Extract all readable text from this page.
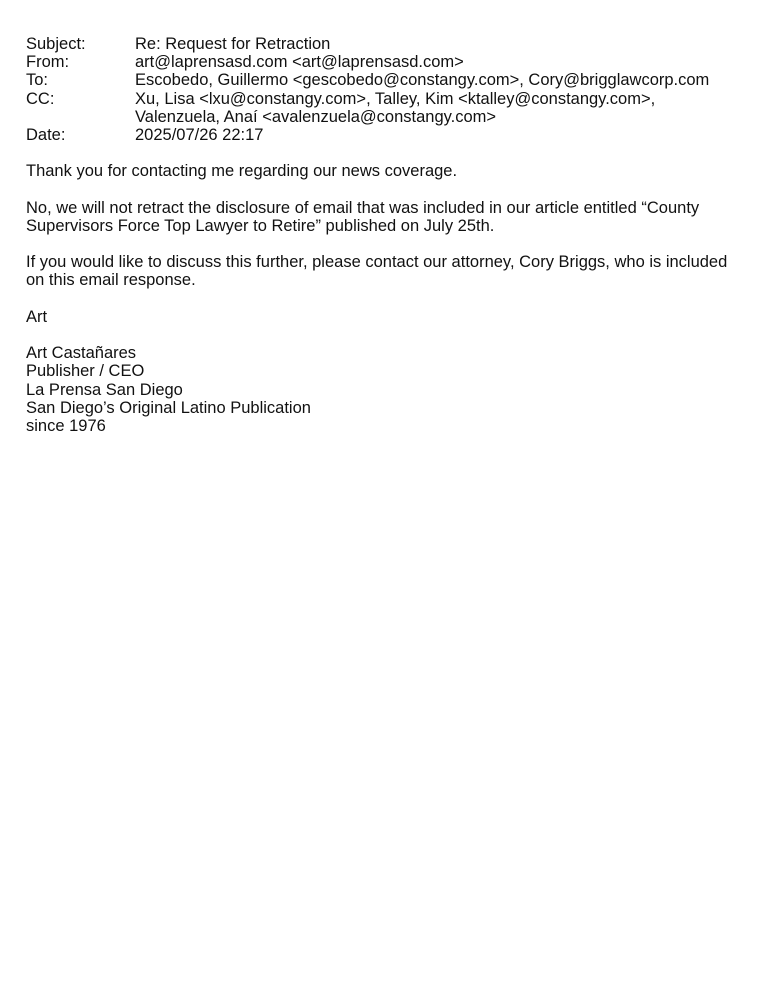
Subject:	Re: Request for Retraction
From:	art@laprensasd.com <art@laprensasd.com>
To:	Escobedo, Guillermo <gescobedo@constangy.com>, Cory@brigglawcorp.com
CC:	Xu, Lisa <lxu@constangy.com>, Talley, Kim <ktalley@constangy.com>,
Valenzuela, Anaí <avalenzuela@constangy.com>
Date:	2025/07/26 22:17

Thank you for contacting me regarding our news coverage.

No, we will not retract the disclosure of email that was included in our article entitled “County
Supervisors Force Top Lawyer to Retire” published on July 25th.

If you would like to discuss this further, please contact our attorney, Cory Briggs, who is included
on this email response.

Art

Art Castañares
Publisher / CEO
La Prensa San Diego
San Diego’s Original Latino Publication
since 1976
